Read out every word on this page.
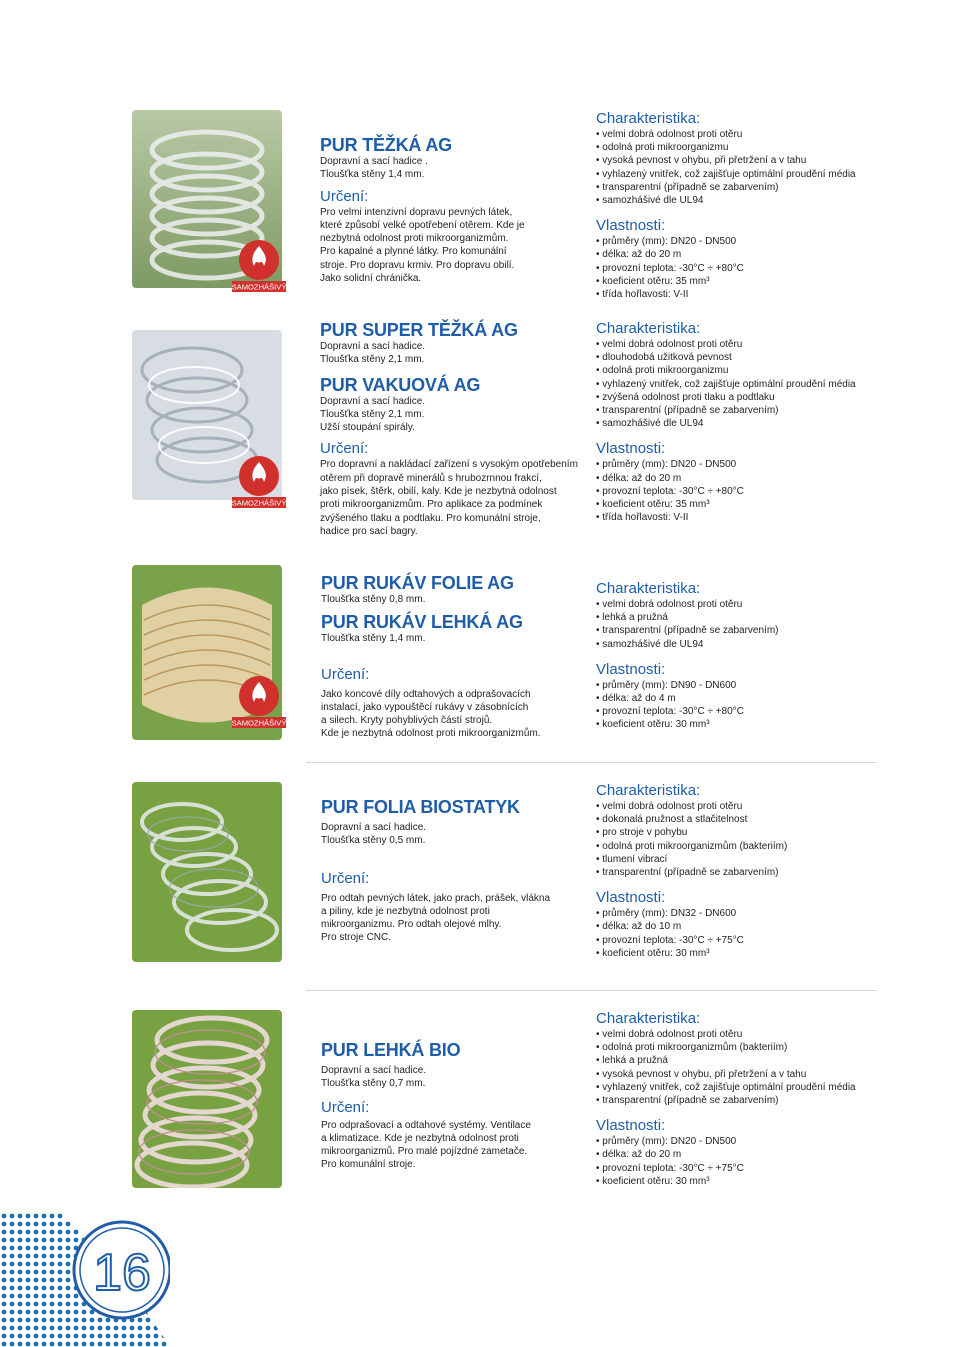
SAMOZHÁŠIVÝ

PUR TĚŽKÁ AG

Dopravní a sací hadice .

Tloušťka stěny 1,4 mm.

Určení:

Pro velmi intenzivní dopravu pevných látek,

které způsobí velké opotřebení otěrem. Kde je

nezbytná odolnost proti mikroorganizmům.

Pro kapalné a plynné látky. Pro komunální

stroje. Pro dopravu krmiv. Pro dopravu obilí.

Jako solidní chránička.

Charakteristika:

• velmi dobrá odolnost proti otěru
• odolná proti mikroorganizmu
• vysoká pevnost v ohybu, při přetržení a v tahu
• vyhlazený vnitřek, což zajišťuje optimální proudění média
• transparentní (případně se zabarvením)
• samozhášivé dle UL94

Vlastnosti:

• průměry (mm): DN20 - DN500
• délka: až do 20 m
• provozní teplota: -30°C ÷ +80°C
• koeficient otěru: 35 mm³
• třída hořlavosti: V-II
SAMOZHÁŠIVÝ

PUR SUPER TĚŽKÁ AG

Dopravní a sací hadice.

Tloušťka stěny 2,1 mm.

PUR VAKUOVÁ AG

Dopravní a sací hadice.

Tloušťka stěny 2,1 mm.

Užší stoupání spirály.

Určení:

Pro dopravní a nakládací zařízení s vysokým opotřebením

otěrem při dopravě minerálů s hrubozrnnou frakcí,

jako písek, štěrk, obilí, kaly. Kde je nezbytná odolnost

proti mikroorganizmům. Pro aplikace za podmínek

zvýšeného tlaku a podtlaku. Pro komunální stroje,

hadice pro sací bagry.

Charakteristika:

• velmi dobrá odolnost proti otěru
• dlouhodobá užitková pevnost
• odolná proti mikroorganizmu
• vyhlazený vnitřek, což zajišťuje optimální proudění média
• zvýšená odolnost proti tlaku a podtlaku
• transparentní (případně se zabarvením)
• samozhášivé dle UL94

Vlastnosti:

• průměry (mm): DN20 - DN500
• délka: až do 20 m
• provozní teplota: -30°C ÷ +80°C
• koeficient otěru: 35 mm³
• třída hořlavosti: V-II
SAMOZHÁŠIVÝ

PUR RUKÁV FOLIE AG

Tloušťka stěny 0,8 mm.

PUR RUKÁV LEHKÁ AG

Tloušťka stěny 1,4 mm.

Určení:

Jako koncové díly odtahových a odprašovacích

instalací, jako vypouštěcí rukávy v zásobnících

a silech. Kryty pohyblivých částí strojů.

Kde je nezbytná odolnost proti mikroorganizmům.

Charakteristika:

• velmi dobrá odolnost proti otěru
• lehká a pružná
• transparentní (případně se zabarvením)
• samozhášivé dle UL94

Vlastnosti:

• průměry (mm): DN90 - DN600
• délka: až do 4 m
• provozní teplota: -30°C ÷ +80°C
• koeficient otěru: 30 mm³

PUR FOLIA BIOSTATYK

Dopravní a sací hadice.

Tloušťka stěny 0,5 mm.

Určení:

Pro odtah pevných látek, jako prach, prášek, vlákna

a piliny, kde je nezbytná odolnost proti

mikroorganizmu. Pro odtah olejové mlhy.

Pro stroje CNC.

Charakteristika:

• velmi dobrá odolnost proti otěru
• dokonalá pružnost a stlačitelnost
• pro stroje v pohybu
• odolná proti mikroorganizmům (bakteriím)
• tlumení vibrací
• transparentní (případně se zabarvením)

Vlastnosti:

• průměry (mm): DN32 - DN600
• délka: až do 10 m
• provozní teplota: -30°C ÷ +75°C
• koeficient otěru: 30 mm³

PUR LEHKÁ BIO

Dopravní a sací hadice.

Tloušťka stěny 0,7 mm.

Určení:

Pro odprašovací a odtahové systémy. Ventilace

a klimatizace. Kde je nezbytná odolnost proti

mikroorganizmů. Pro malé pojízdné zametače.

Pro komunální stroje.

Charakteristika:

• velmi dobrá odolnost proti otěru
• odolná proti mikroorganizmům (bakteriím)
• lehká a pružná
• vysoká pevnost v ohybu, při přetržení a v tahu
• vyhlazený vnitřek, což zajišťuje optimální proudění média
• transparentní (případně se zabarvením)

Vlastnosti:

• průměry (mm): DN20 - DN500
• délka: až do 20 m
• provozní teplota: -30°C ÷ +75°C
• koeficient otěru: 30 mm³
16
